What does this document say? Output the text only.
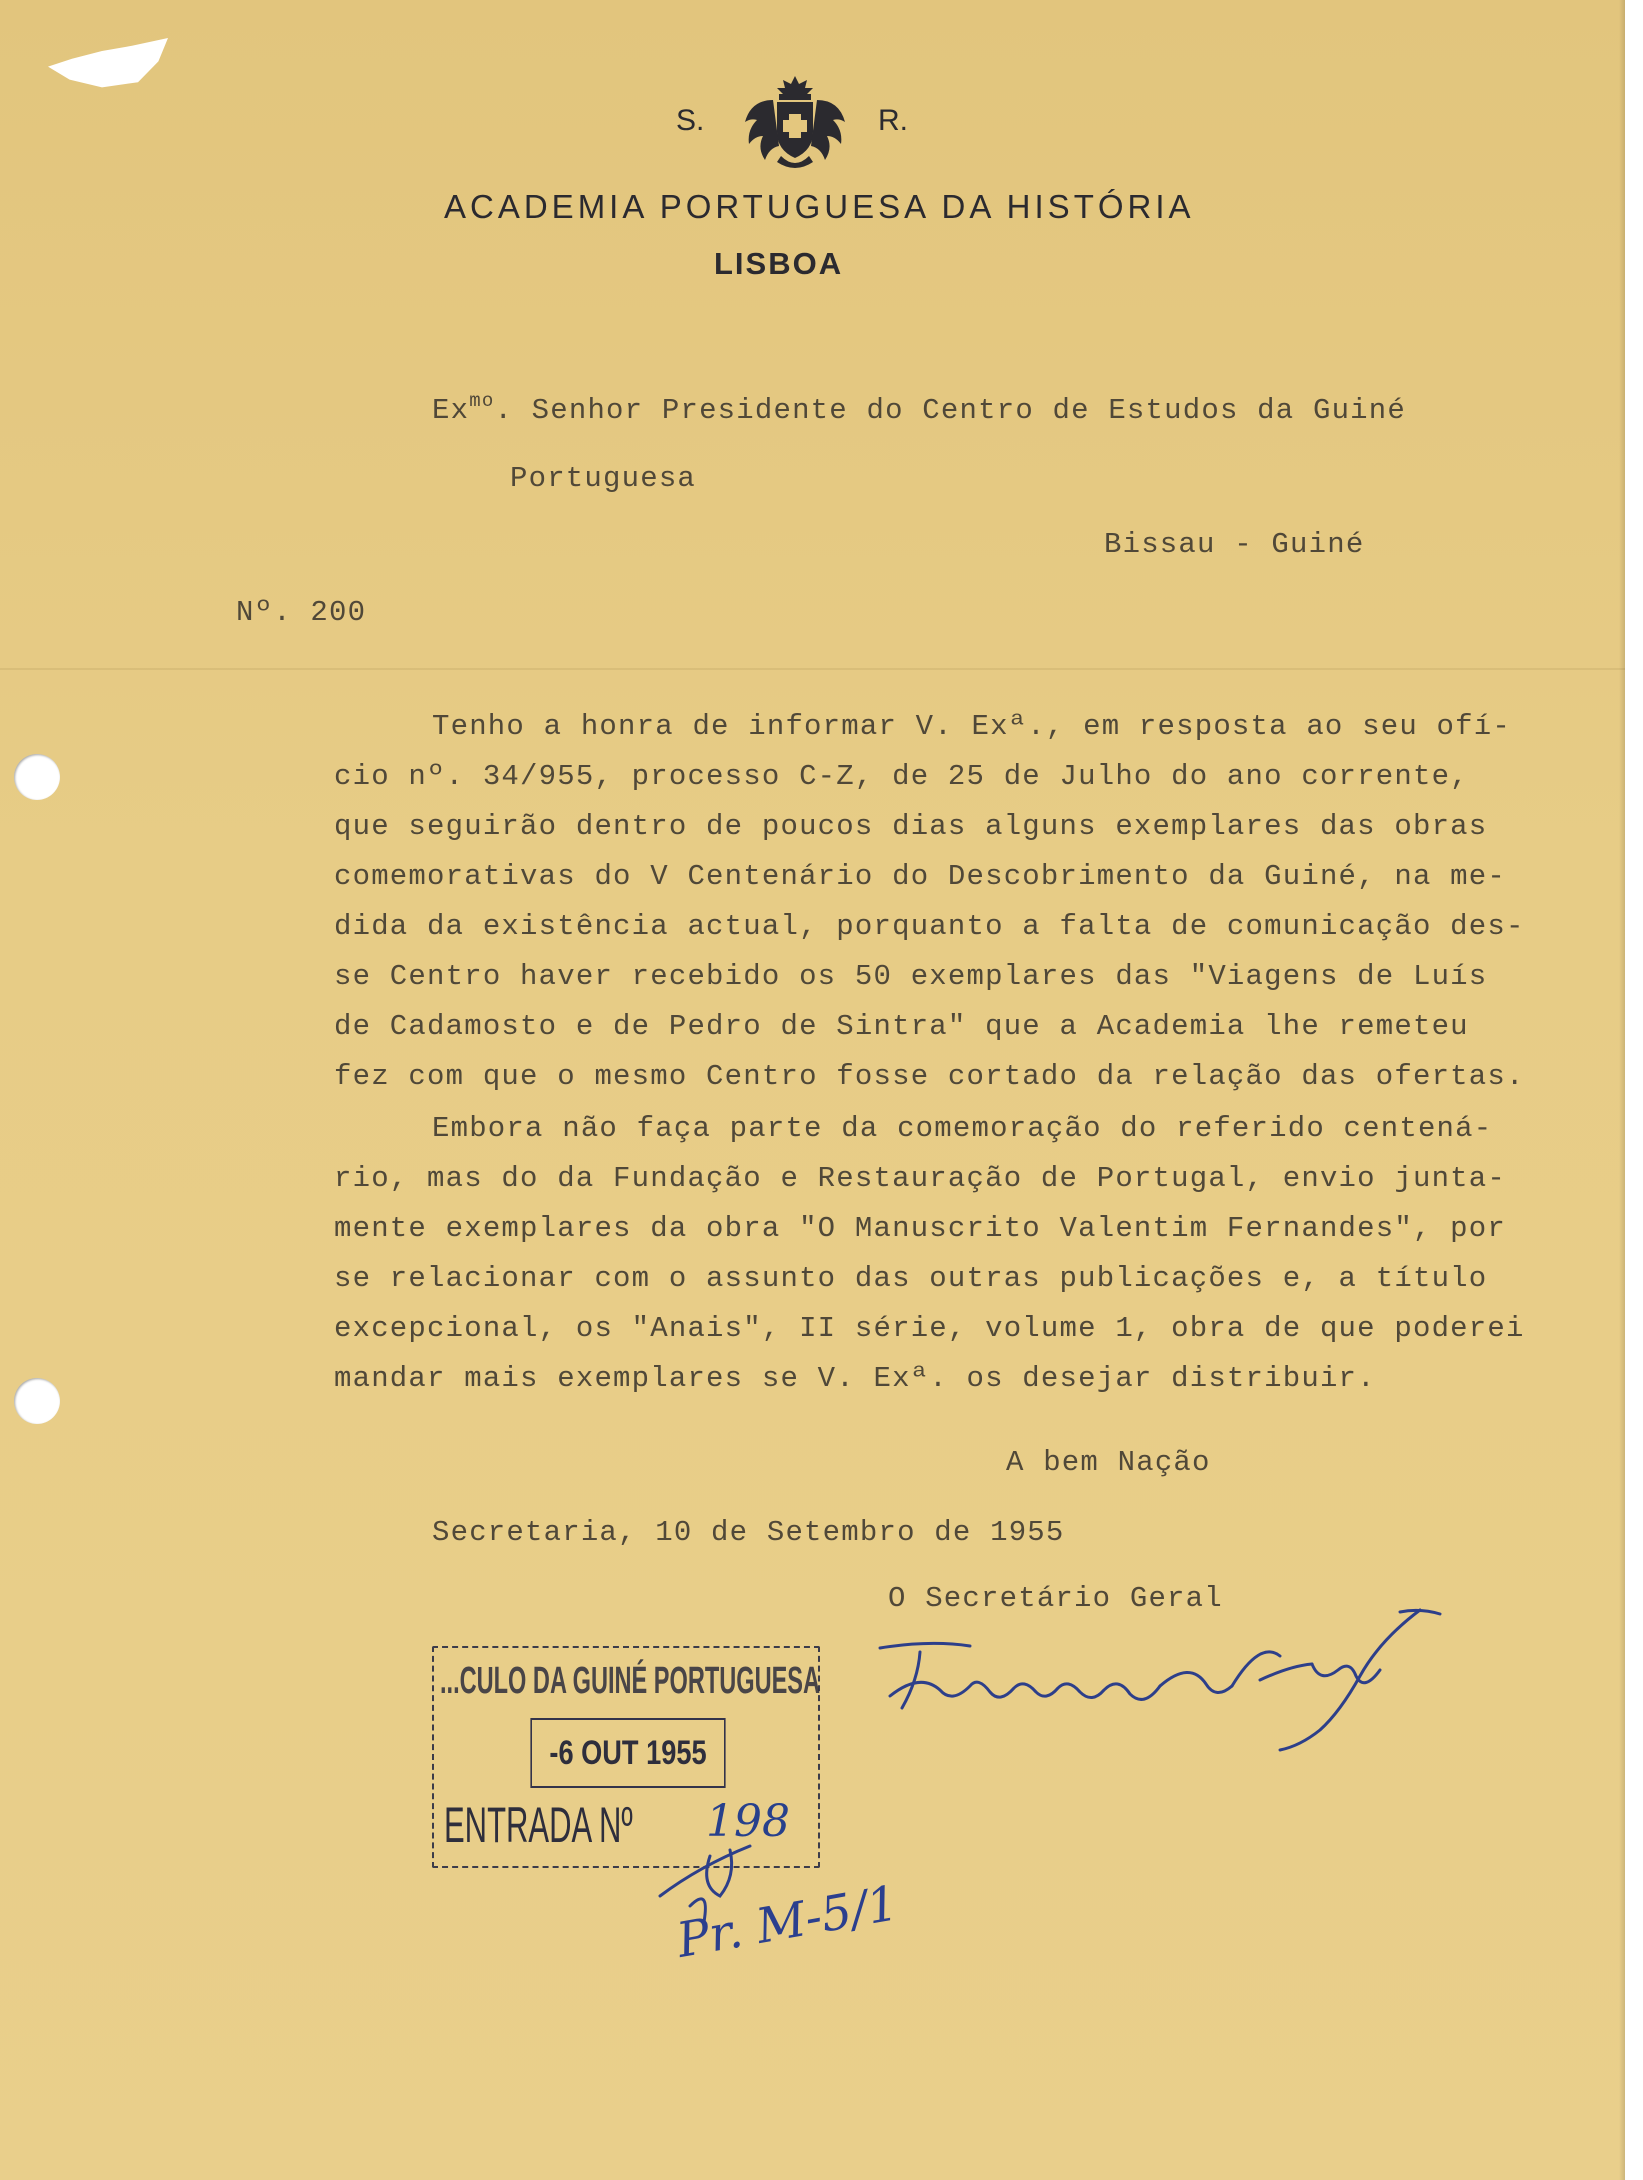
S.	R.
ACADEMIA PORTUGUESA DA HISTÓRIA
LISBOA
$Ex^{mo}$. Senhor Presidente do Centro de Estudos da Guiné
Portuguesa
Bissau - Guiné
Nº. 200
Tenho a honra de informar V. Exª., em resposta ao seu ofí-
cio nº. 34/955, processo C-Z, de 25 de Julho do ano corrente,
que seguirão dentro de poucos dias alguns exemplares das obras
comemorativas do V Centenário do Descobrimento da Guiné, na me-
dida da existência actual, porquanto a falta de comunicação des-
se Centro haver recebido os 50 exemplares das "Viagens de Luís
de Cadamosto e de Pedro de Sintra" que a Academia lhe remeteu
fez com que o mesmo Centro fosse cortado da relação das ofertas.
Embora não faça parte da comemoração do referido centená-
rio, mas do da Fundação e Restauração de Portugal, envio junta-
mente exemplares da obra "O Manuscrito Valentim Fernandes", por
se relacionar com o assunto das outras publicações e, a título
excepcional, os "Anais", II série, volume 1, obra de que poderei
mandar mais exemplares se V. Exª. os desejar distribuir.
A bem Nação
Secretaria, 10 de Setembro de 1955
O Secretário Geral
...CULO DA GUINÉ PORTUGUESA
-6 OUT 1955
ENTRADA Nº 198
Pr. M-5/1
